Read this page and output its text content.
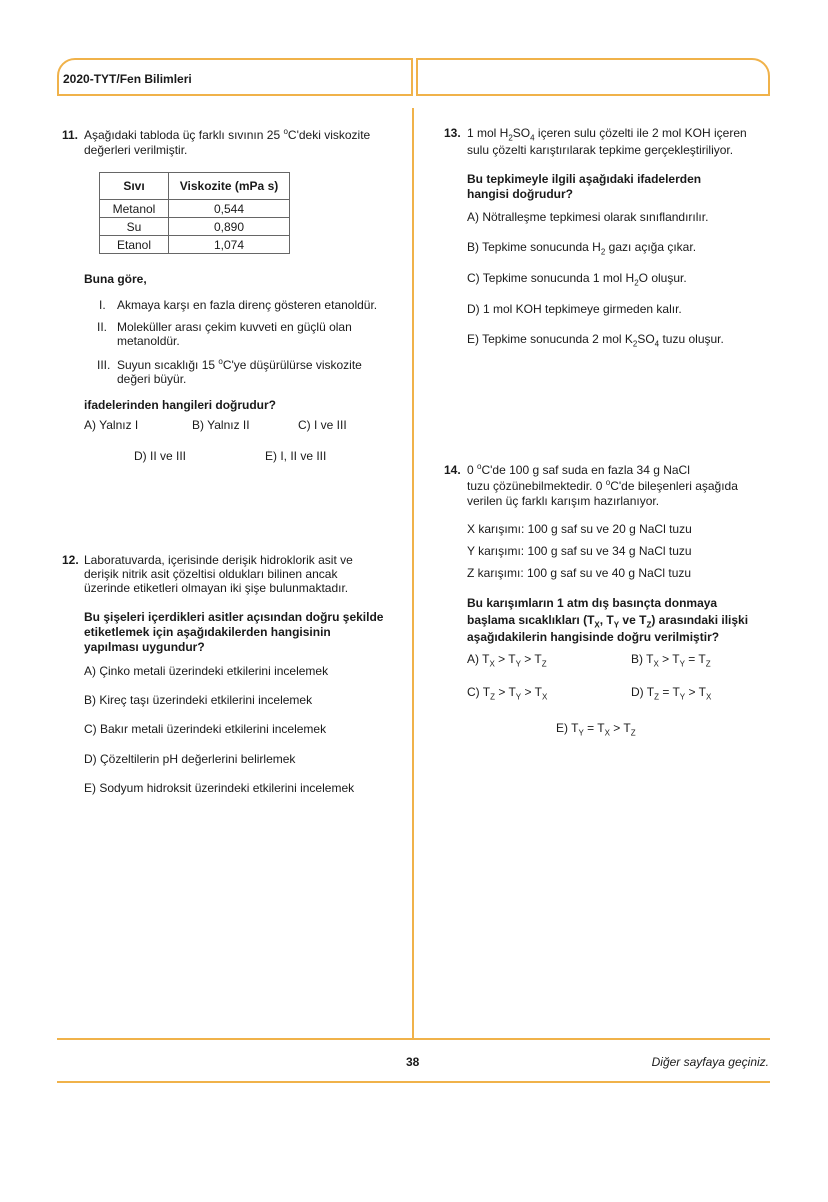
2020-TYT/Fen Bilimleri
11. Aşağıdaki tabloda üç farklı sıvının 25 $^o$C'deki viskozite
değerleri verilmiştir.
Sıvı	Viskozite (mPa s)
Metanol	0,544
Su	0,890
Etanol	1,074
Buna göre,
I. Akmaya karşı en fazla direnç gösteren etanoldür.
II. Moleküller arası çekim kuvveti en güçlü olan
metanoldür.
III. Suyun sıcaklığı 15 $^o$C'ye düşürülürse viskozite
değeri büyür.
ifadelerinden hangileri doğrudur?
A) Yalnız I	B) Yalnız II	C) I ve III
D) II ve III	E) I, II ve III
12. Laboratuvarda, içerisinde derişik hidroklorik asit ve
derişik nitrik asit çözeltisi oldukları bilinen ancak
üzerinde etiketleri olmayan iki şişe bulunmaktadır.
Bu şişeleri içerdikleri asitler açısından doğru şekilde
etiketlemek için aşağıdakilerden hangisinin
yapılması uygundur?
A) Çinko metali üzerindeki etkilerini incelemek
B) Kireç taşı üzerindeki etkilerini incelemek
C) Bakır metali üzerindeki etkilerini incelemek
D) Çözeltilerin pH değerlerini belirlemek
E) Sodyum hidroksit üzerindeki etkilerini incelemek
13. 1 mol $H_2SO_4$ içeren sulu çözelti ile 2 mol KOH içeren
sulu çözelti karıştırılarak tepkime gerçekleştiriliyor.
Bu tepkimeyle ilgili aşağıdaki ifadelerden
hangisi doğrudur?
A) Nötralleşme tepkimesi olarak sınıflandırılır.
B) Tepkime sonucunda $H_2$ gazı açığa çıkar.
C) Tepkime sonucunda 1 mol $H_2O$ oluşur.
D) 1 mol KOH tepkimeye girmeden kalır.
E) Tepkime sonucunda 2 mol $K_2SO_4$ tuzu oluşur.
14. 0 $^o$C'de 100 g saf suda en fazla 34 g NaCl
tuzu çözünebilmektedir. 0 $^o$C'de bileşenleri aşağıda
verilen üç farklı karışım hazırlanıyor.
X karışımı: 100 g saf su ve 20 g NaCl tuzu
Y karışımı: 100 g saf su ve 34 g NaCl tuzu
Z karışımı: 100 g saf su ve 40 g NaCl tuzu
Bu karışımların 1 atm dış basınçta donmaya
başlama sıcaklıkları ($T_X$, $T_Y$ ve $T_Z$) arasındaki ilişki
aşağıdakilerin hangisinde doğru verilmiştir?
A) $T_X > T_Y > T_Z$	B) $T_X > T_Y = T_Z$
C) $T_Z > T_Y > T_X$	D) $T_Z = T_Y > T_X$
E) $T_Y = T_X > T_Z$
38	Diğer sayfaya geçiniz.
